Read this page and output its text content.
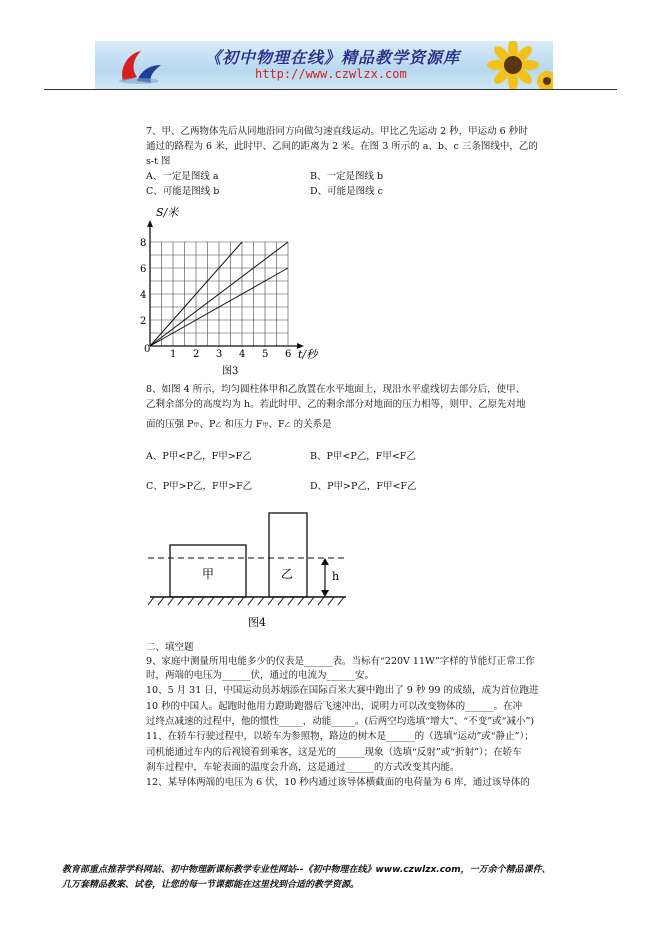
《初中物理在线》精品教学资源库
http://www.czwlzx.com
7、甲、乙两物体先后从同地沿同方向做匀速直线运动。甲比乙先运动 2 秒，甲运动 6 秒时
通过的路程为 6 米，此时甲、乙间的距离为 2 米。在图 3 所示的 a、b、c 三条图线中，乙的
s-t 图
A、一定是图线 a	B、一定是图线 b
C、可能是图线 b	D、可能是图线 c
1 2 3 4 5 6
2
4
6
8
S/米
t/秒
0
图3
8、如图 4 所示，均匀圆柱体甲和乙放置在水平地面上，现沿水平虚线切去部分后，使甲、
乙剩余部分的高度均为 h。若此时甲、乙的剩余部分对地面的压力相等，则甲、乙原先对地
面的压强 P甲、P乙 和压力 F甲、F乙 的关系是
A、P甲<P乙，F甲>F乙	B、P甲<P乙，F甲<F乙
C、P甲>P乙，F甲>F乙	D、P甲>P乙，F甲<F乙
甲	乙	h
图4
二、填空题
9、家庭中测量所用电能多少的仪表是______表。当标有“220V 11W”字样的节能灯正常工作
时，两端的电压为______伏，通过的电流为______安。
10、5 月 31 日，中国运动员苏炳添在国际百米大赛中跑出了 9 秒 99 的成绩，成为首位跑进
10 秒的中国人。起跑时他用力蹬助跑器后飞速冲出，说明力可以改变物体的______。在冲
过终点减速的过程中，他的惯性_____，动能_____。(后两空均选填“增大”、“不变”或“减小”)
11、在轿车行驶过程中，以轿车为参照物，路边的树木是______的（选填“运动”或“静止”）；
司机能通过车内的后视镜看到乘客，这是光的______现象（选填“反射”或“折射”）；在轿车
刹车过程中，车轮表面的温度会升高，这是通过______的方式改变其内能。
12、某导体两端的电压为 6 伏，10 秒内通过该导体横截面的电荷量为 6 库，通过该导体的
教育部重点推荐学科网站、初中物理新课标教学专业性网站--《初中物理在线》www.czwlzx.com，一万余个精品课件、
几万套精品教案、试卷，让您的每一节课都能在这里找到合适的教学资源。
